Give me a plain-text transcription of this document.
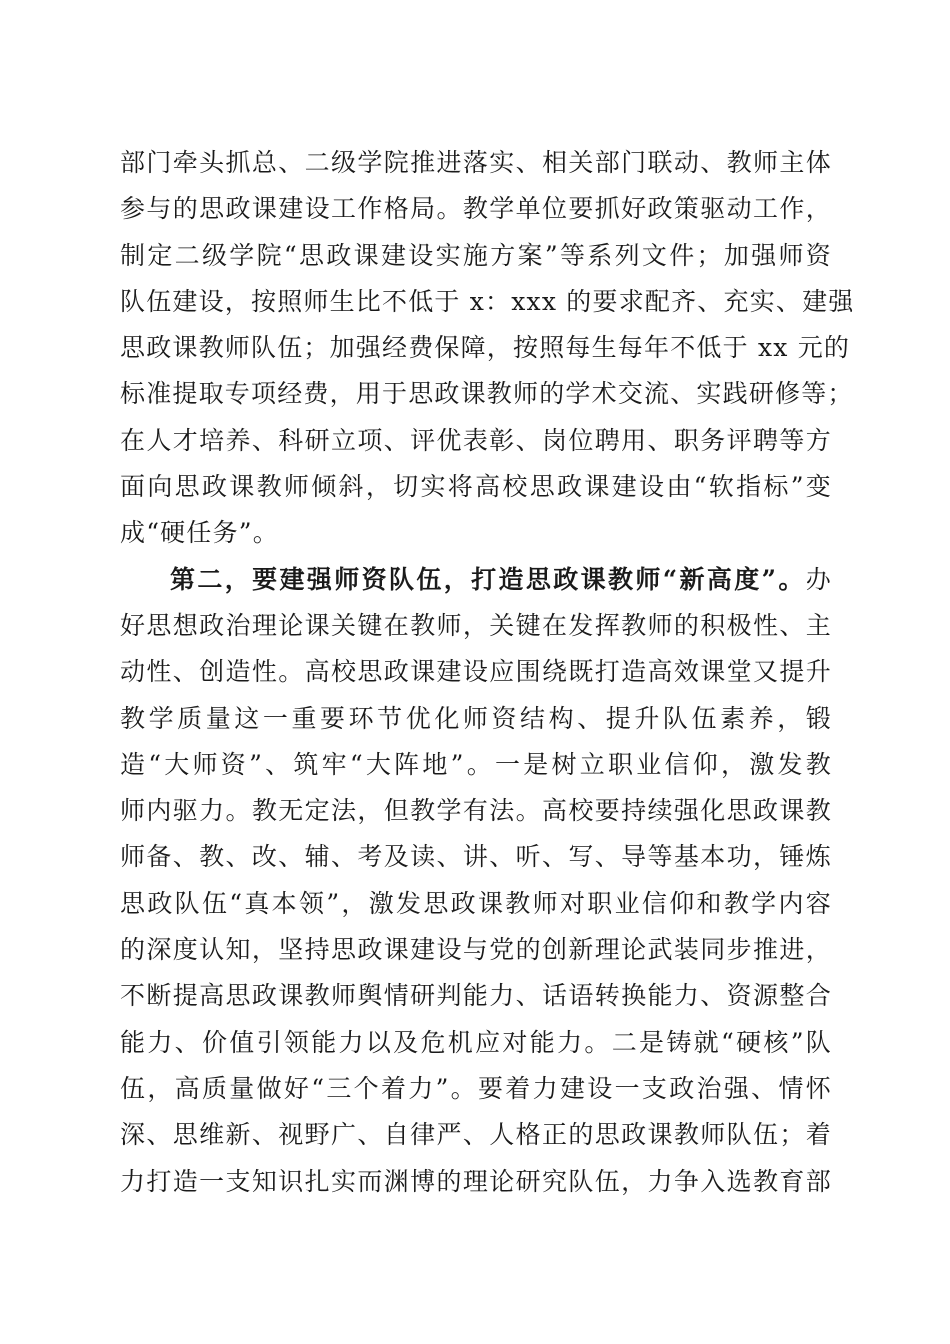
部门牵头抓总、二级学院推进落实、相关部门联动、教师主体
参与的思政课建设工作格局。教学单位要抓好政策驱动工作，
制定二级学院“思政课建设实施方案”等系列文件；加强师资
队伍建设，按照师生比不低于 x：xxx 的要求配齐、充实、建强
思政课教师队伍；加强经费保障，按照每生每年不低于 xx 元的
标准提取专项经费，用于思政课教师的学术交流、实践研修等；
在人才培养、科研立项、评优表彰、岗位聘用、职务评聘等方
面向思政课教师倾斜，切实将高校思政课建设由“软指标”变
成“硬任务”。
第二，要建强师资队伍，打造思政课教师“新高度”。办
好思想政治理论课关键在教师，关键在发挥教师的积极性、主
动性、创造性。高校思政课建设应围绕既打造高效课堂又提升
教学质量这一重要环节优化师资结构、提升队伍素养，锻
造“大师资”、筑牢“大阵地”。一是树立职业信仰，激发教
师内驱力。教无定法，但教学有法。高校要持续强化思政课教
师备、教、改、辅、考及读、讲、听、写、导等基本功，锤炼
思政队伍“真本领”，激发思政课教师对职业信仰和教学内容
的深度认知，坚持思政课建设与党的创新理论武装同步推进，
不断提高思政课教师舆情研判能力、话语转换能力、资源整合
能力、价值引领能力以及危机应对能力。二是铸就“硬核”队
伍，高质量做好“三个着力”。要着力建设一支政治强、情怀
深、思维新、视野广、自律严、人格正的思政课教师队伍；着
力打造一支知识扎实而渊博的理论研究队伍，力争入选教育部
